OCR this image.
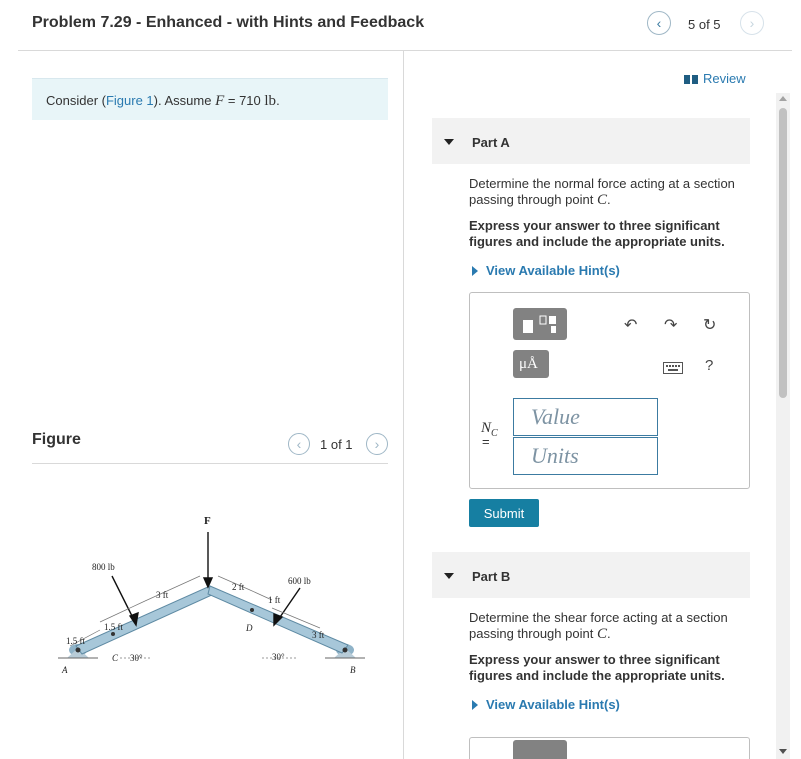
Problem 7.29 - Enhanced - with Hints and Feedback	‹ 5 of 5 ›
Consider (Figure 1). Assume F = 710 lb.
Figure	‹ 1 of 1 ›
F
800 lb
600 lb
3 ft
2 ft
1 ft
3 ft
1.5 ft
1.5 ft
30°	30°
A	B
C
D
Review
Part A
Determine the normal force acting at a section passing through point C.
Express your answer to three significant figures and include the appropriate units.
View Available Hint(s)
μÅ
↶ ↷ ↻
?
$N_C$
=
Value
Units
Submit
Part B
Determine the shear force acting at a section passing through point C.
Express your answer to three significant figures and include the appropriate units.
View Available Hint(s)
